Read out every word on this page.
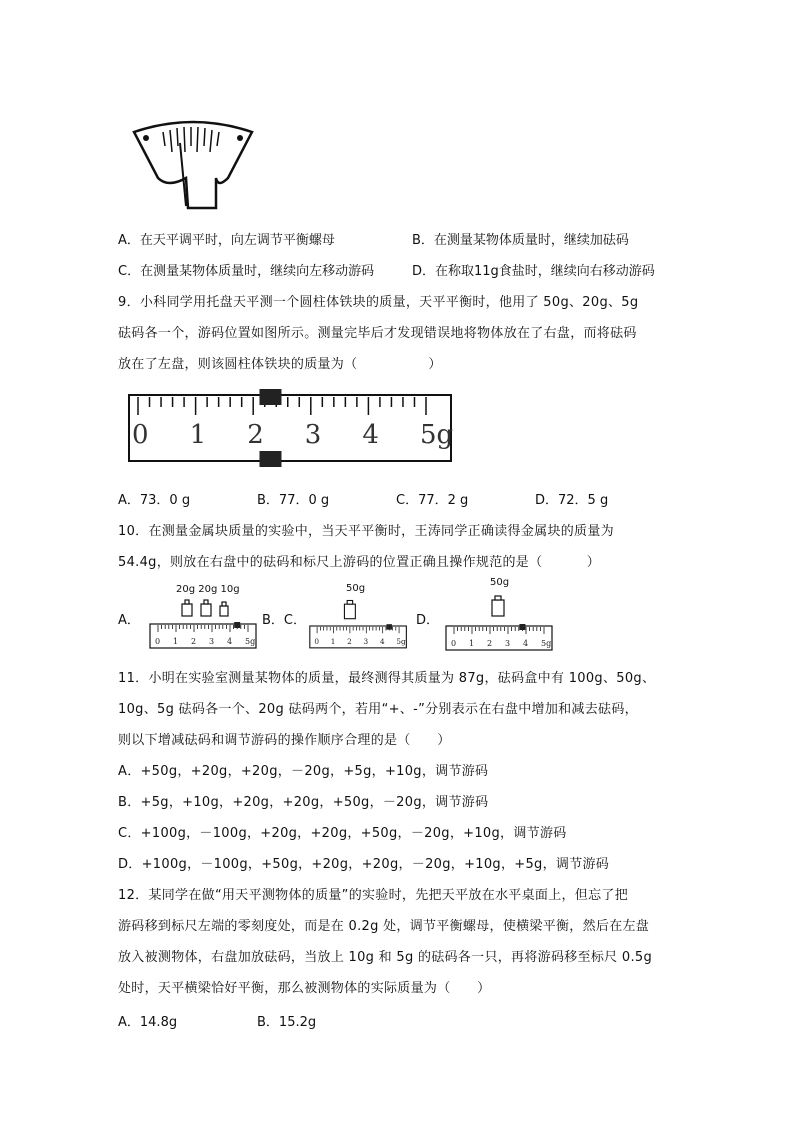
A．在天平调平时，向左调节平衡螺母	B．在测量某物体质量时，继续加砝码
C．在测量某物体质量时，继续向左移动游码	D．在称取11g食盐时，继续向右移动游码
9．小科同学用托盘天平测一个圆柱体铁块的质量，天平平衡时，他用了 50g、20g、5g
砝码各一个，游码位置如图所示。测量完毕后才发现错误地将物体放在了右盘，而将砝码
放在了左盘，则该圆柱体铁块的质量为（                ）
0 1 2 3 4 5g
A．73．0 g	B．77．0 g	C．77．2 g	D．72．5 g
10．在测量金属块质量的实验中，当天平平衡时，王涛同学正确读得金属块的质量为
54.4g，则放在右盘中的砝码和标尺上游码的位置正确且操作规范的是（          ）
A．	B．C．	D．
20g 20g 10g
0 1 2 3 4 5g
50g
0 1 2 3 4 5g
50g
0 1 2 3 4 5g
11．小明在实验室测量某物体的质量，最终测得其质量为 87g，砝码盒中有 100g、50g、
10g、5g 砝码各一个、20g 砝码两个，若用“+、-”分别表示在右盘中增加和减去砝码，
则以下增减砝码和调节游码的操作顺序合理的是（      ）
A．+50g，+20g，+20g，－20g，+5g，+10g，调节游码
B．+5g，+10g，+20g，+20g，+50g，－20g，调节游码
C．+100g，－100g，+20g，+20g，+50g，－20g，+10g，调节游码
D．+100g，－100g，+50g，+20g，+20g，－20g，+10g，+5g，调节游码
12．某同学在做“用天平测物体的质量”的实验时，先把天平放在水平桌面上，但忘了把
游码移到标尺左端的零刻度处，而是在 0.2g 处，调节平衡螺母，使横梁平衡，然后在左盘
放入被测物体，右盘加放砝码，当放上 10g 和 5g 的砝码各一只，再将游码移至标尺 0.5g
处时，天平横梁恰好平衡，那么被测物体的实际质量为（      ）
A．14.8g	B．15.2g
